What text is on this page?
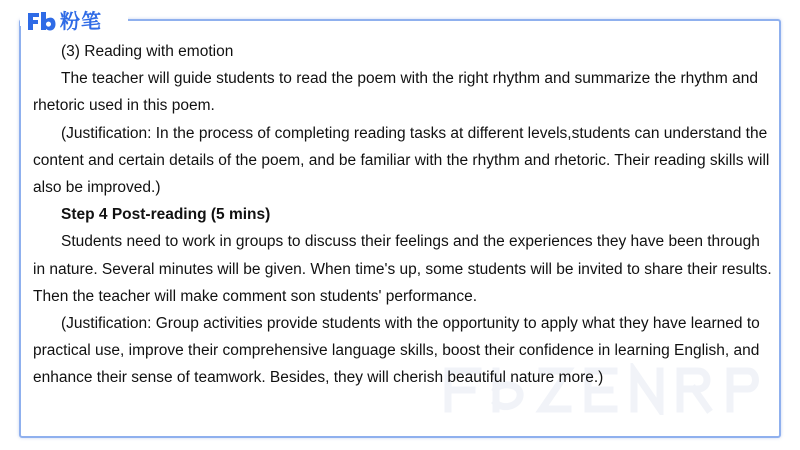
粉笔

(3) Reading with emotion

The teacher will guide students to read the poem with the right rhythm and summarize the rhythm and rhetoric used in this poem.

(Justification: In the process of completing reading tasks at different levels,students can understand the content and certain details of the poem, and be familiar with the rhythm and rhetoric. Their reading skills will also be improved.)

Step 4 Post-reading (5 mins)

Students need to work in groups to discuss their feelings and the experiences they have been through in nature. Several minutes will be given. When time's up, some students will be invited to share their results. Then the teacher will make comment son students' performance.

(Justification: Group activities provide students with the opportunity to apply what they have learned to practical use, improve their comprehensive language skills, boost their confidence in learning English, and enhance their sense of teamwork. Besides, they will cherish beautiful nature more.)
